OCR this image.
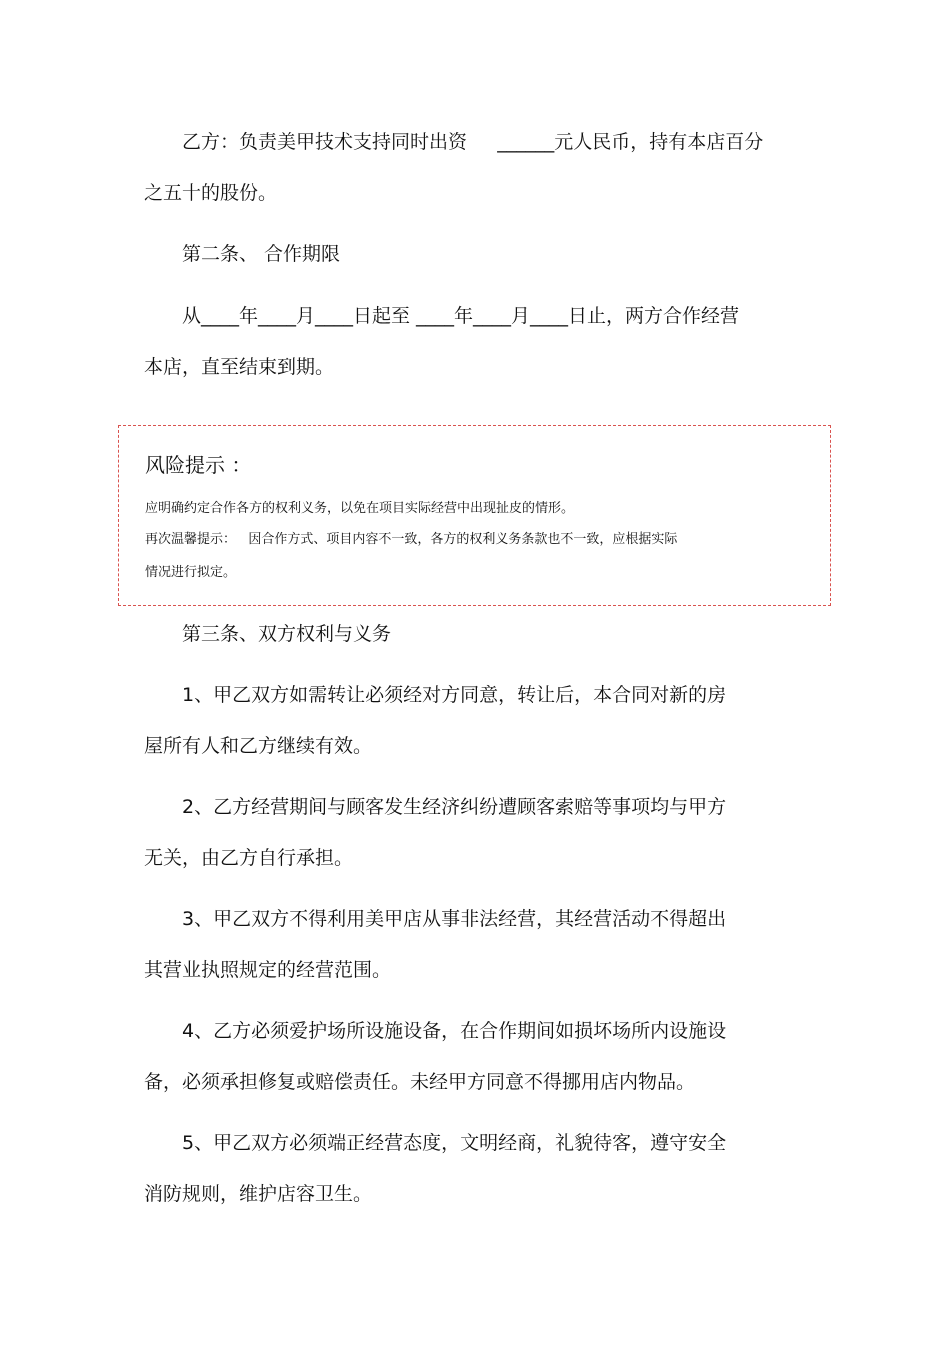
乙方：负责美甲技术支持同时出资     ______元人民币，持有本店百分
之五十的股份。
第二条、 合作期限
从____年____月____日起至 ____年____月____日止，两方合作经营
本店，直至结束到期。
风险提示 ：
应明确约定合作各方的权利义务，以免在项目实际经营中出现扯皮的情形。
再次温馨提示：   因合作方式、项目内容不一致，各方的权利义务条款也不一致，应根据实际
情况进行拟定。
第三条、双方权利与义务
1、甲乙双方如需转让必须经对方同意，转让后，本合同对新的房
屋所有人和乙方继续有效。
2、乙方经营期间与顾客发生经济纠纷遭顾客索赔等事项均与甲方
无关，由乙方自行承担。
3、甲乙双方不得利用美甲店从事非法经营，其经营活动不得超出
其营业执照规定的经营范围。
4、乙方必须爱护场所设施设备，在合作期间如损坏场所内设施设
备，必须承担修复或赔偿责任。未经甲方同意不得挪用店内物品。
5、甲乙双方必须端正经营态度，文明经商，礼貌待客，遵守安全
消防规则，维护店容卫生。
